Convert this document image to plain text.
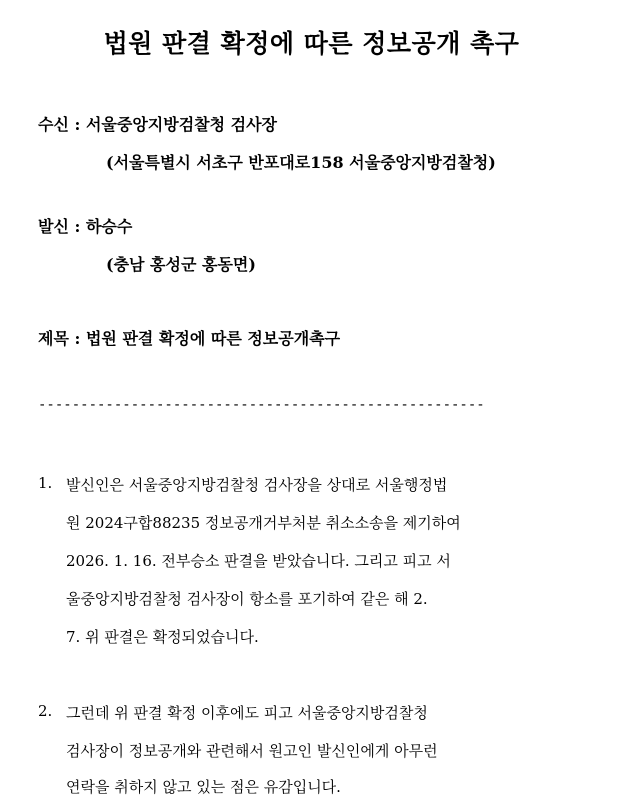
법원 판결 확정에 따른 정보공개 촉구
수신 : 서울중앙지방검찰청 검사장
(서울특별시 서초구 반포대로158 서울중앙지방검찰청)
발신 : 하승수
(충남 홍성군 홍동면)
제목 : 법원 판결 확정에 따른 정보공개촉구
-----------------------------------------------------
1. 발신인은 서울중앙지방검찰청 검사장을 상대로 서울행정법
원 2024구합88235 정보공개거부처분 취소소송을 제기하여
2026. 1. 16. 전부승소 판결을 받았습니다. 그리고 피고 서
울중앙지방검찰청 검사장이 항소를 포기하여 같은 해 2.
7. 위 판결은 확정되었습니다.
2. 그런데 위 판결 확정 이후에도 피고 서울중앙지방검찰청
검사장이 정보공개와 관련해서 원고인 발신인에게 아무런
연락을 취하지 않고 있는 점은 유감입니다.
